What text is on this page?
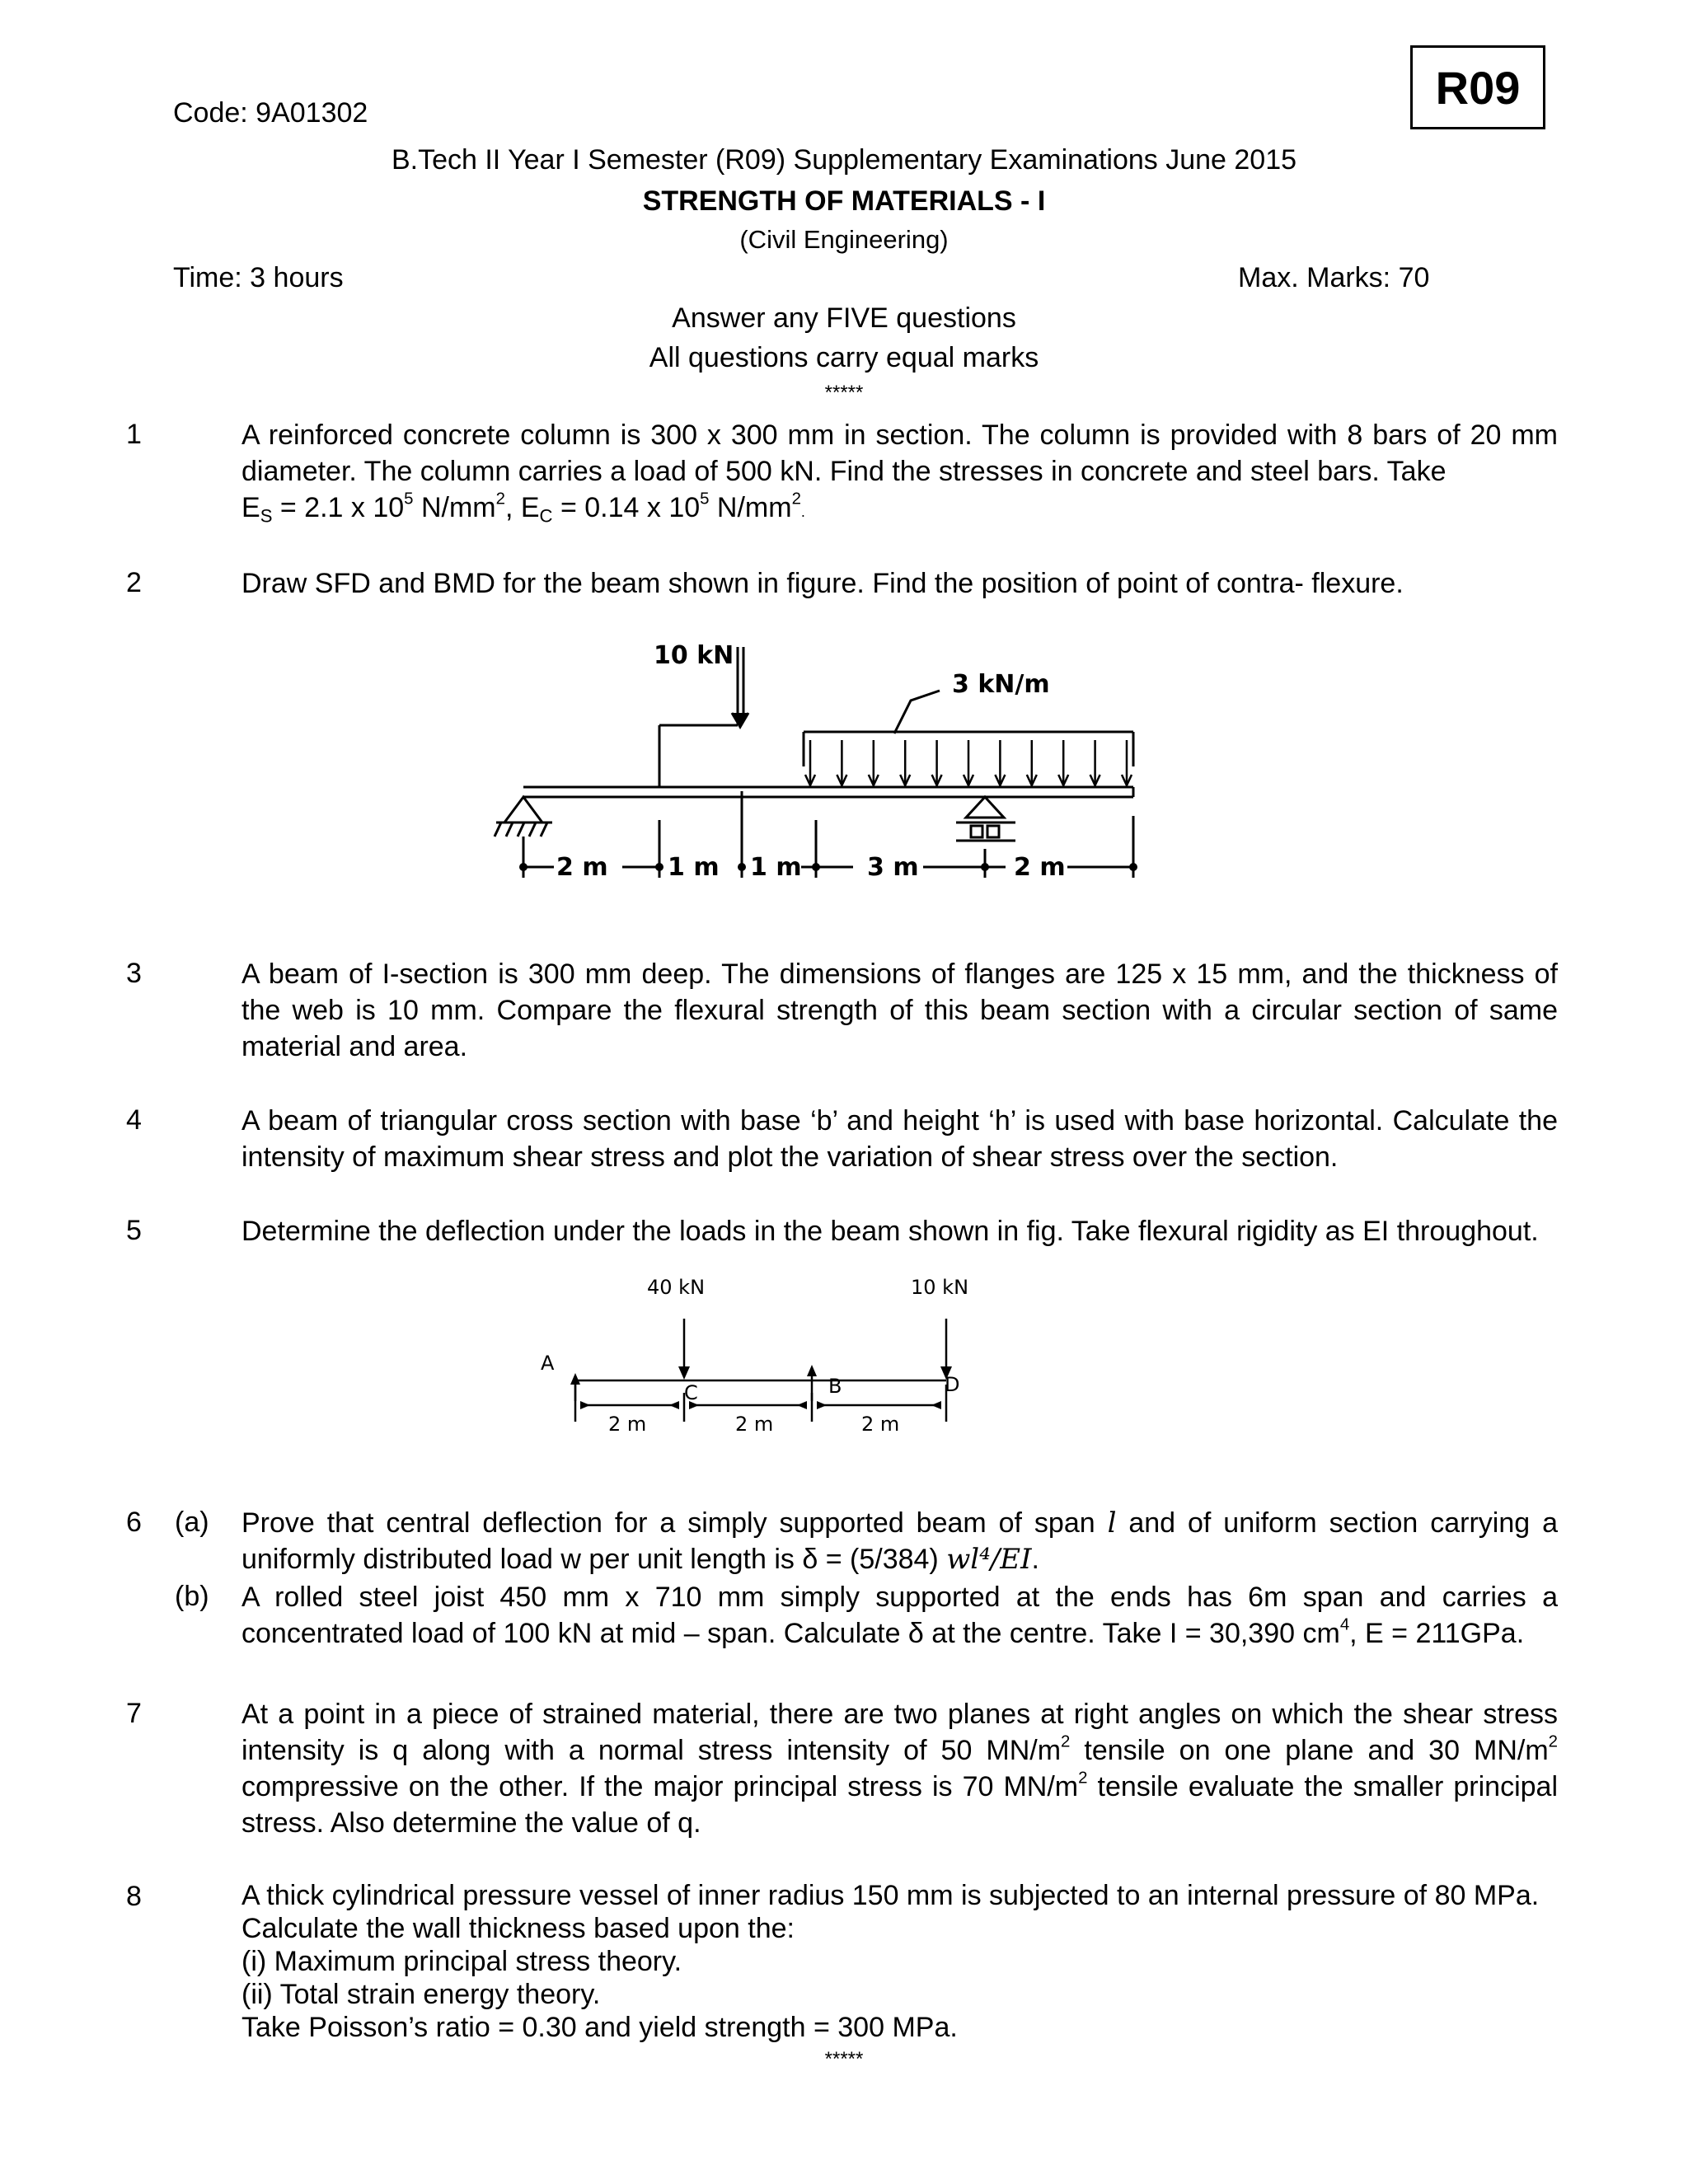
Code: 9A01302	R09
B.Tech II Year I Semester (R09) Supplementary Examinations June 2015
STRENGTH OF MATERIALS - I
(Civil Engineering)
Time: 3 hours	Max. Marks: 70
Answer any FIVE questions
All questions carry equal marks
*****
1	A reinforced concrete column is 300 x 300 mm in section. The column is provided with 8 bars of 20 mm diameter. The column carries a load of 500 kN. Find the stresses in concrete and steel bars. Take
$E_S = 2.1$ x $10^5$ $N/mm^2$, $E_C = 0.14$ x $10^5$ $N/mm^2$.
2	Draw SFD and BMD for the beam shown in figure. Find the position of point of contra- flexure.
10 kN
3 kN/m
2 m 1 m 1 m	3 m	2 m
3	A beam of I-section is 300 mm deep. The dimensions of flanges are 125 x 15 mm, and the thickness of the web is 10 mm. Compare the flexural strength of this beam section with a circular section of same material and area.
4	A beam of triangular cross section with base ‘b’ and height ‘h’ is used with base horizontal. Calculate the intensity of maximum shear stress and plot the variation of shear stress over the section.
5	Determine the deflection under the loads in the beam shown in fig. Take flexural rigidity as EI throughout.
40 kN	10 kN
A
C	B	D
2 m	2 m	2 m
6 (a) Prove that central deflection for a simply supported beam of span l and of uniform section carrying a uniformly distributed load w per unit length is δ = (5/384) wl⁴/EI.
(b) A rolled steel joist 450 mm x 710 mm simply supported at the ends has 6m span and carries a concentrated load of 100 kN at mid – span. Calculate δ at the centre. Take I = 30,390 $cm^4$, E = 211GPa.
7	At a point in a piece of strained material, there are two planes at right angles on which the shear stress intensity is q along with a normal stress intensity of 50 $MN/m^2$ tensile on one plane and 30 $MN/m^2$ compressive on the other. If the major principal stress is 70 $MN/m^2$ tensile evaluate the smaller principal stress. Also determine the value of q.
8	A thick cylindrical pressure vessel of inner radius 150 mm is subjected to an internal pressure of 80 MPa.

Calculate the wall thickness based upon the:

(i) Maximum principal stress theory.

(ii) Total strain energy theory.

Take Poisson’s ratio = 0.30 and yield strength = 300 MPa.

*****
